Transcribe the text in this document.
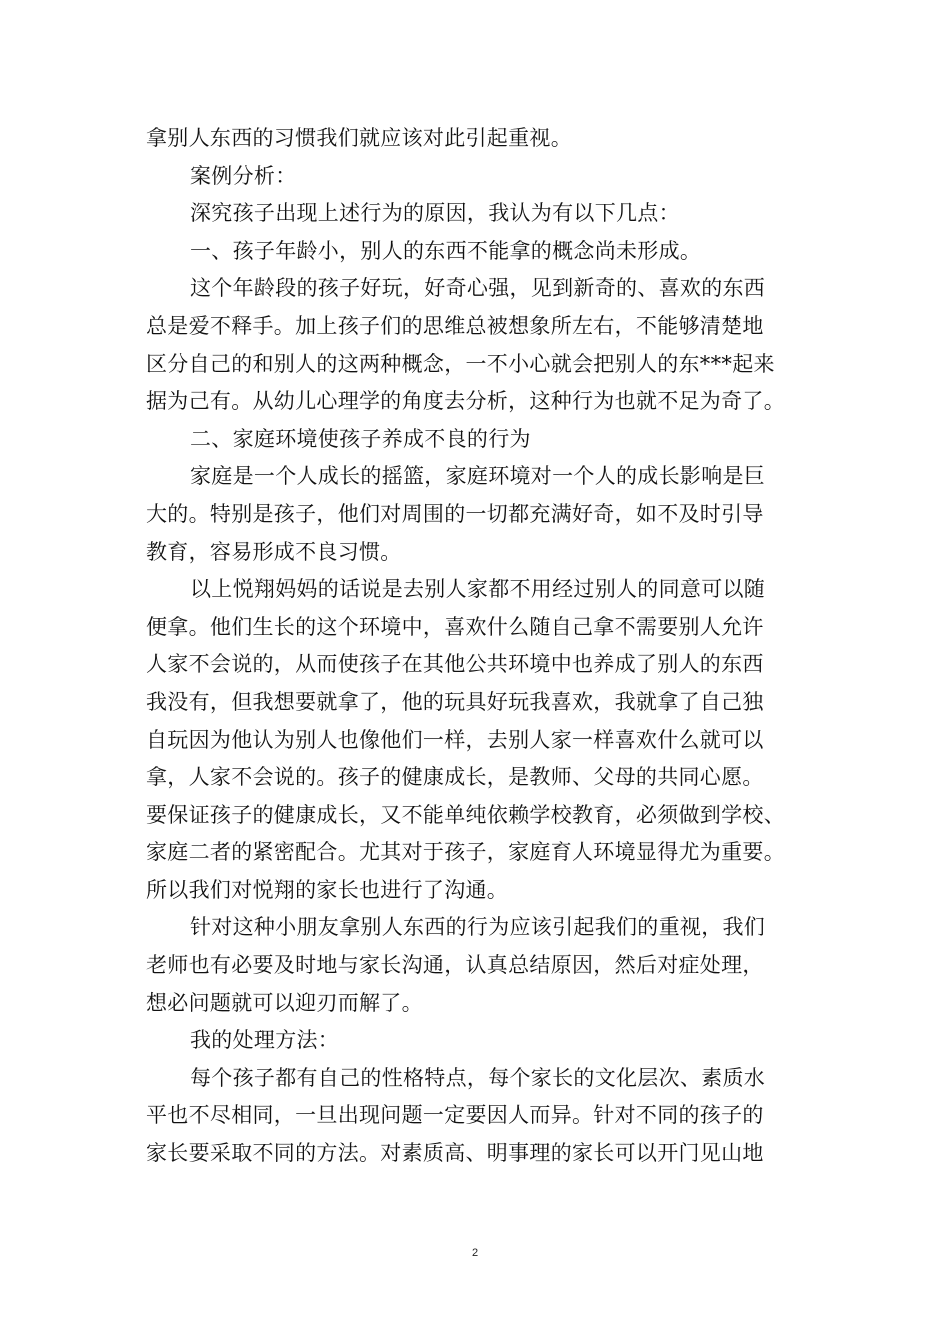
拿别人东西的习惯我们就应该对此引起重视。
案例分析：
深究孩子出现上述行为的原因，我认为有以下几点：
一、孩子年龄小，别人的东西不能拿的概念尚未形成。
这个年龄段的孩子好玩，好奇心强，见到新奇的、喜欢的东西
总是爱不释手。加上孩子们的思维总被想象所左右，不能够清楚地
区分自己的和别人的这两种概念，一不小心就会把别人的东***起来
据为己有。从幼儿心理学的角度去分析，这种行为也就不足为奇了。
二、家庭环境使孩子养成不良的行为
家庭是一个人成长的摇篮，家庭环境对一个人的成长影响是巨
大的。特别是孩子，他们对周围的一切都充满好奇，如不及时引导
教育，容易形成不良习惯。
以上悦翔妈妈的话说是去别人家都不用经过别人的同意可以随
便拿。他们生长的这个环境中，喜欢什么随自己拿不需要别人允许
人家不会说的，从而使孩子在其他公共环境中也养成了别人的东西
我没有，但我想要就拿了，他的玩具好玩我喜欢，我就拿了自己独
自玩因为他认为别人也像他们一样，去别人家一样喜欢什么就可以
拿，人家不会说的。孩子的健康成长，是教师、父母的共同心愿。
要保证孩子的健康成长，又不能单纯依赖学校教育，必须做到学校、
家庭二者的紧密配合。尤其对于孩子，家庭育人环境显得尤为重要。
所以我们对悦翔的家长也进行了沟通。
针对这种小朋友拿别人东西的行为应该引起我们的重视，我们
老师也有必要及时地与家长沟通，认真总结原因，然后对症处理，
想必问题就可以迎刃而解了。
我的处理方法：
每个孩子都有自己的性格特点，每个家长的文化层次、素质水
平也不尽相同，一旦出现问题一定要因人而异。针对不同的孩子的
家长要采取不同的方法。对素质高、明事理的家长可以开门见山地
2
